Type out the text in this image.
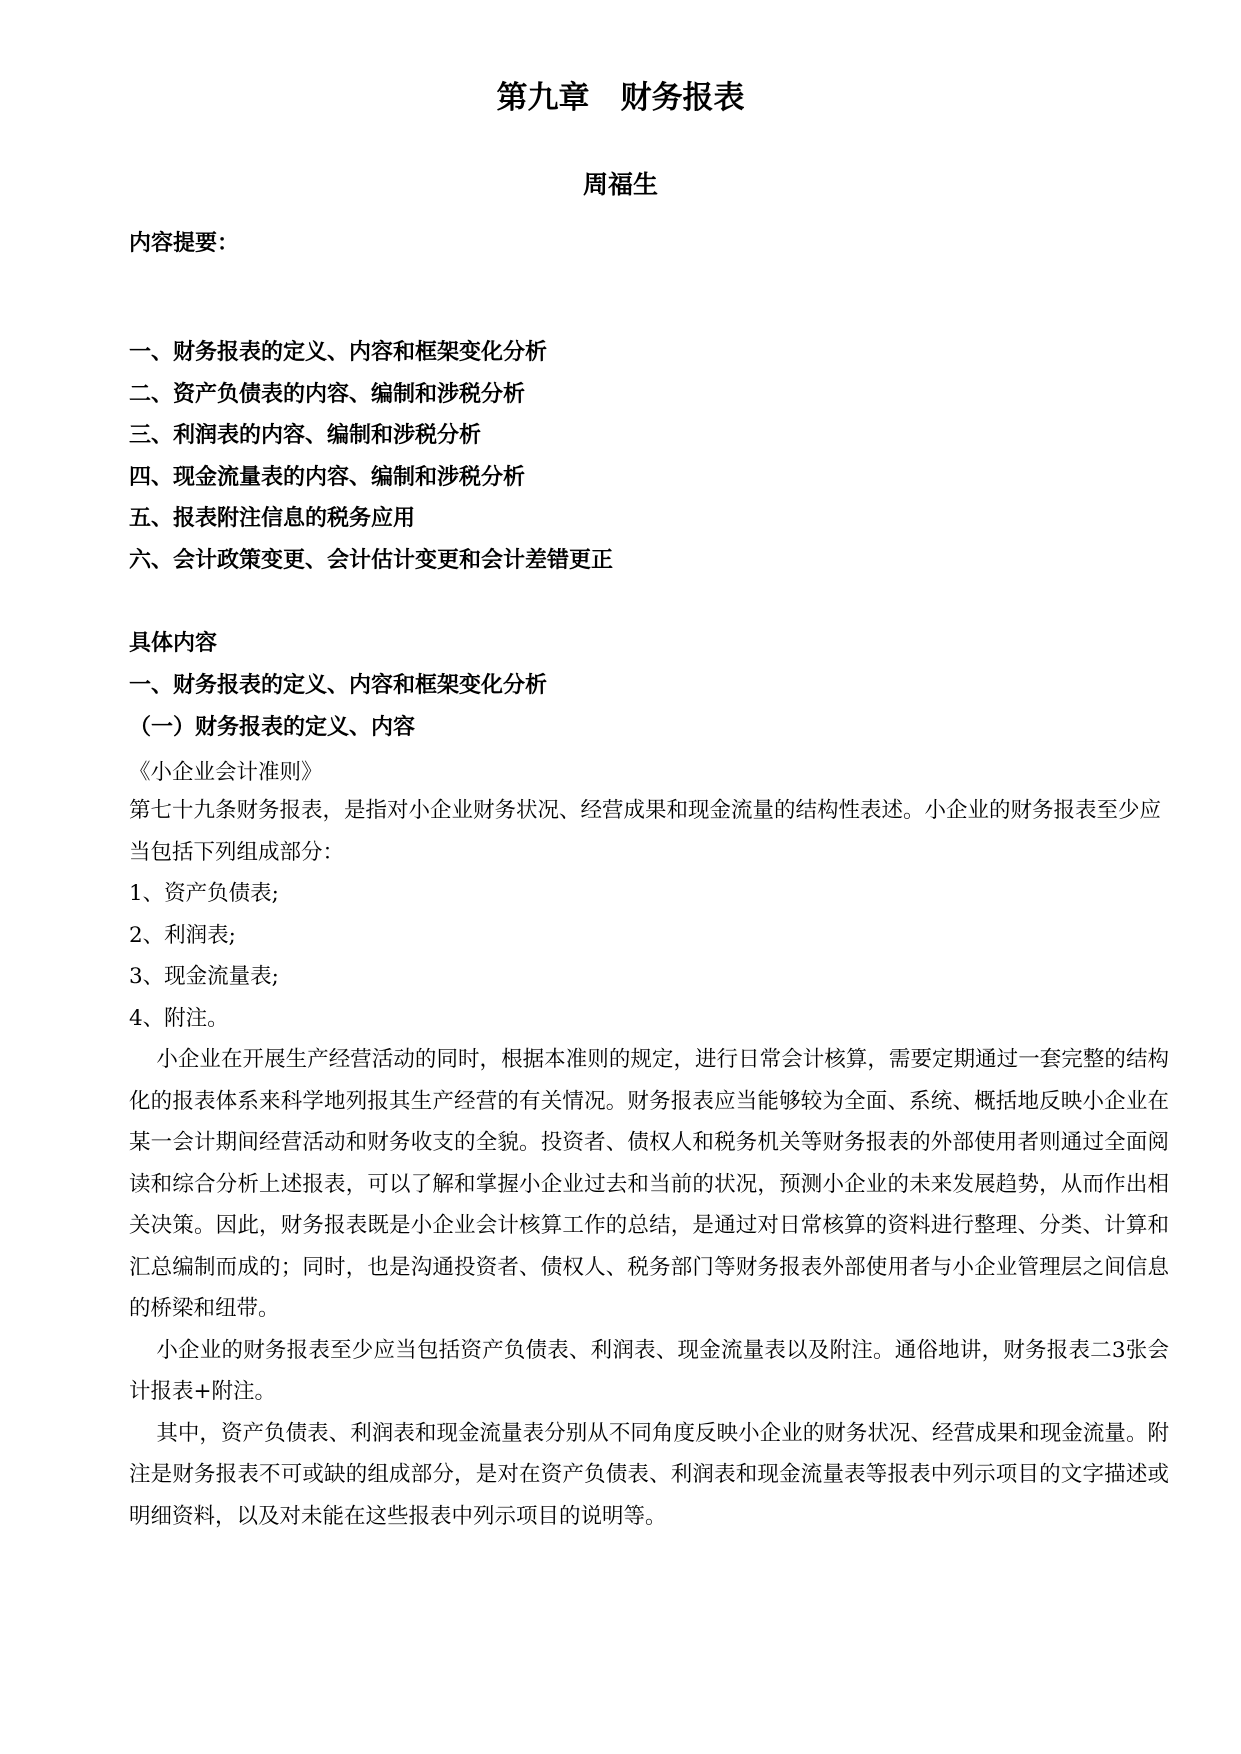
第九章　财务报表
周福生

内容提要：

一、财务报表的定义、内容和框架变化分析
二、资产负债表的内容、编制和涉税分析
三、利润表的内容、编制和涉税分析
四、现金流量表的内容、编制和涉税分析
五、报表附注信息的税务应用
六、会计政策变更、会计估计变更和会计差错更正

具体内容

一、财务报表的定义、内容和框架变化分析

（一）财务报表的定义、内容

《小企业会计准则》

第七十九条财务报表，是指对小企业财务状况、经营成果和现金流量的结构性表述。小企业的财务报表至少应当包括下列组成部分：

1、资产负债表;
2、利润表;
3、现金流量表;
4、附注。

小企业在开展生产经营活动的同时，根据本准则的规定，进行日常会计核算，需要定期通过一套完整的结构化的报表体系来科学地列报其生产经营的有关情况。财务报表应当能够较为全面、系统、概括地反映小企业在某一会计期间经营活动和财务收支的全貌。投资者、债权人和税务机关等财务报表的外部使用者则通过全面阅读和综合分析上述报表，可以了解和掌握小企业过去和当前的状况，预测小企业的未来发展趋势，从而作出相关决策。因此，财务报表既是小企业会计核算工作的总结，是通过对日常核算的资料进行整理、分类、计算和汇总编制而成的；同时，也是沟通投资者、债权人、税务部门等财务报表外部使用者与小企业管理层之间信息的桥梁和纽带。

小企业的财务报表至少应当包括资产负债表、利润表、现金流量表以及附注。通俗地讲，财务报表二3张会计报表+附注。

其中，资产负债表、利润表和现金流量表分别从不同角度反映小企业的财务状况、经营成果和现金流量。附注是财务报表不可或缺的组成部分，是对在资产负债表、利润表和现金流量表等报表中列示项目的文字描述或明细资料，以及对未能在这些报表中列示项目的说明等。
